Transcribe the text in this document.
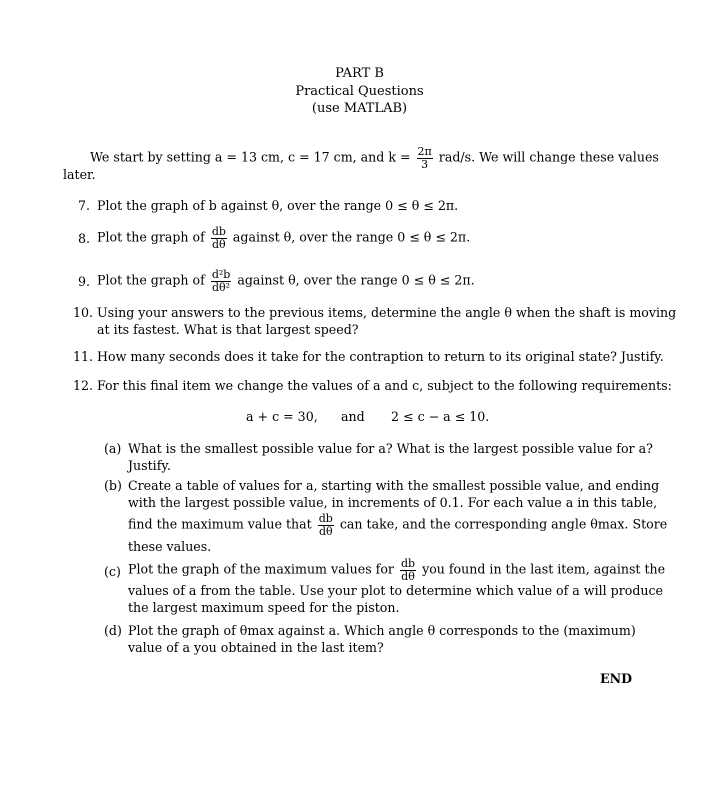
PART B
Practical Questions
(use MATLAB)
We start by setting a = 13 cm, c = 17 cm, and $k = \frac{2\pi}{3} rad/s$. We will change these values
later.
7. Plot the graph of b against θ, over the range 0 ≤ θ ≤ 2π.
8. Plot the graph of $\frac{db}{d\theta}$ against θ, over the range 0 ≤ θ ≤ 2π.
9. Plot the graph of $\frac{\text{d²b}}{\text{dθ²}}$ against θ, over the range 0 ≤ θ ≤ 2π.
10. Using your answers to the previous items, determine the angle θ when the shaft is moving
at its fastest. What is that largest speed?
11. How many seconds does it take for the contraption to return to its original state? Justify.
12. For this final item we change the values of a and c, subject to the following requirements:
a + c = 30, and 2 ≤ c − a ≤ 10.
(a) What is the smallest possible value for a? What is the largest possible value for a?
Justify.
(b) Create a table of values for a, starting with the smallest possible value, and ending
with the largest possible value, in increments of 0.1. For each value a in this table,
find the maximum value that $\frac{db}{d\theta}$ can take, and the corresponding angle θmax. Store
these values.
(c) Plot the graph of the maximum values for $\frac{db}{d\theta}$ you found in the last item, against the
values of a from the table. Use your plot to determine which value of a will produce
the largest maximum speed for the piston.
(d) Plot the graph of θmax against a. Which angle θ corresponds to the (maximum)
value of a you obtained in the last item?
END
